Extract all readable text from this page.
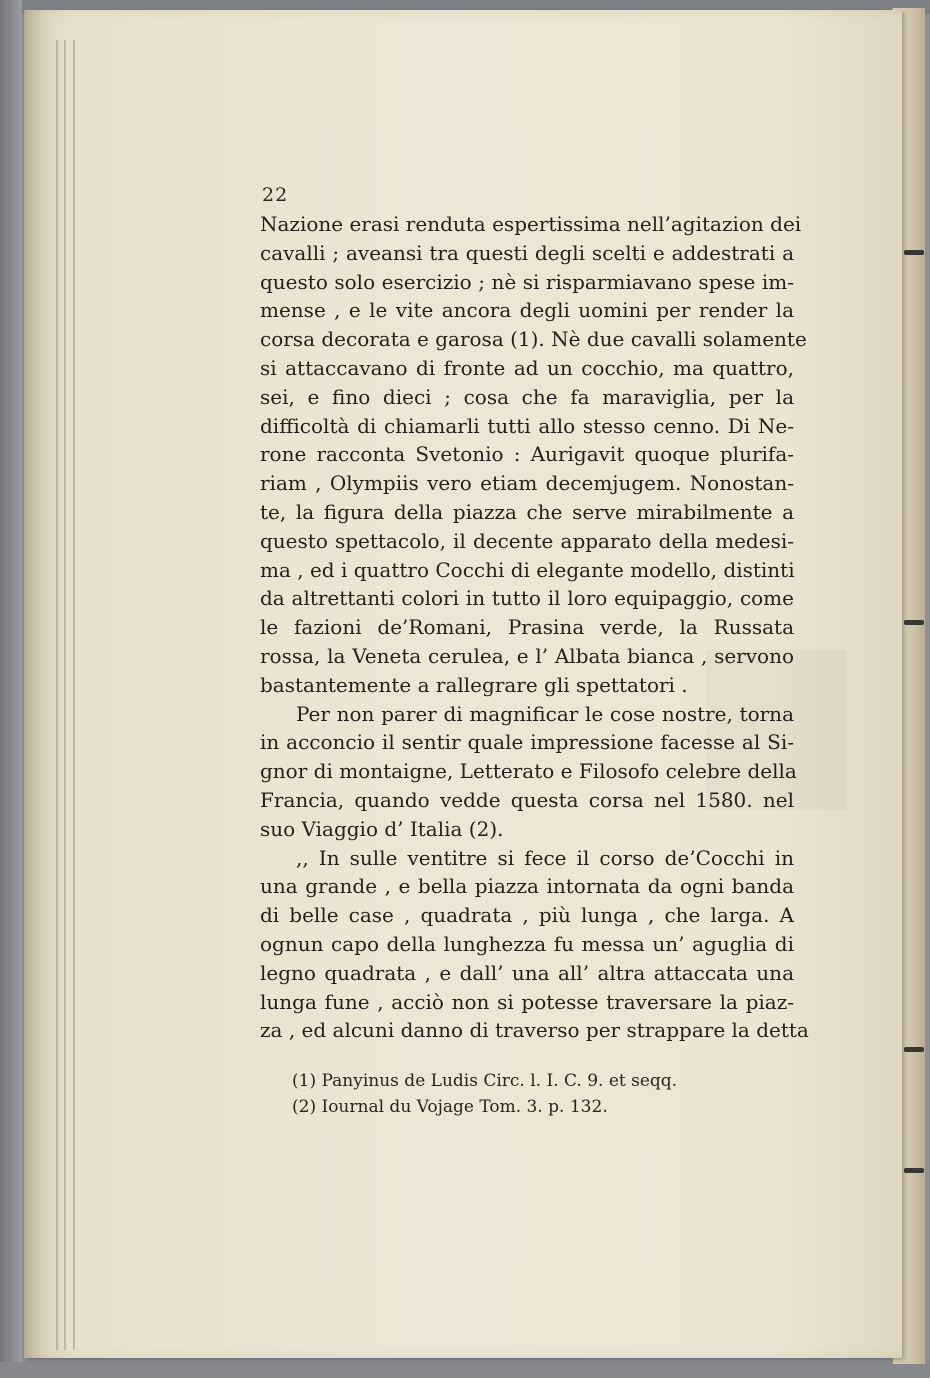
22

Nazione erasi renduta espertissima nell’agitazion dei
cavalli ; aveansi tra questi degli scelti e addestrati a
questo solo esercizio ; nè si risparmiavano spese im-
mense , e le vite ancora degli uomini per render la
corsa decorata e garosa (1). Nè due cavalli solamente
si attaccavano di fronte ad un cocchio, ma quattro,
sei, e fino dieci ; cosa che fa maraviglia, per la
difficoltà di chiamarli tutti allo stesso cenno. Di Ne-
rone racconta Svetonio : Aurigavit quoque plurifa-
riam , Olympiis vero etiam decemjugem. Nonostan-
te, la figura della piazza che serve mirabilmente a
questo spettacolo, il decente apparato della medesi-
ma , ed i quattro Cocchi di elegante modello, distinti
da altrettanti colori in tutto il loro equipaggio, come
le fazioni de’Romani, Prasina verde, la Russata
rossa, la Veneta cerulea, e l’ Albata bianca , servono
bastantemente a rallegrare gli spettatori .
Per non parer di magnificar le cose nostre, torna
in acconcio il sentir quale impressione facesse al Si-
gnor di montaigne, Letterato e Filosofo celebre della
Francia, quando vedde questa corsa nel 1580. nel
suo Viaggio d’ Italia (2).
,, In sulle ventitre si fece il corso de’Cocchi in
una grande , e bella piazza intornata da ogni banda
di belle case , quadrata , più lunga , che larga. A
ognun capo della lunghezza fu messa un’ aguglia di
legno quadrata , e dall’ una all’ altra attaccata una
lunga fune , acciò non si potesse traversare la piaz-
za , ed alcuni danno di traverso per strappare la detta
(1) Panyinus de Ludis Circ. l. I. C. 9. et seqq.
(2) Iournal du Vojage Tom. 3. p. 132.
